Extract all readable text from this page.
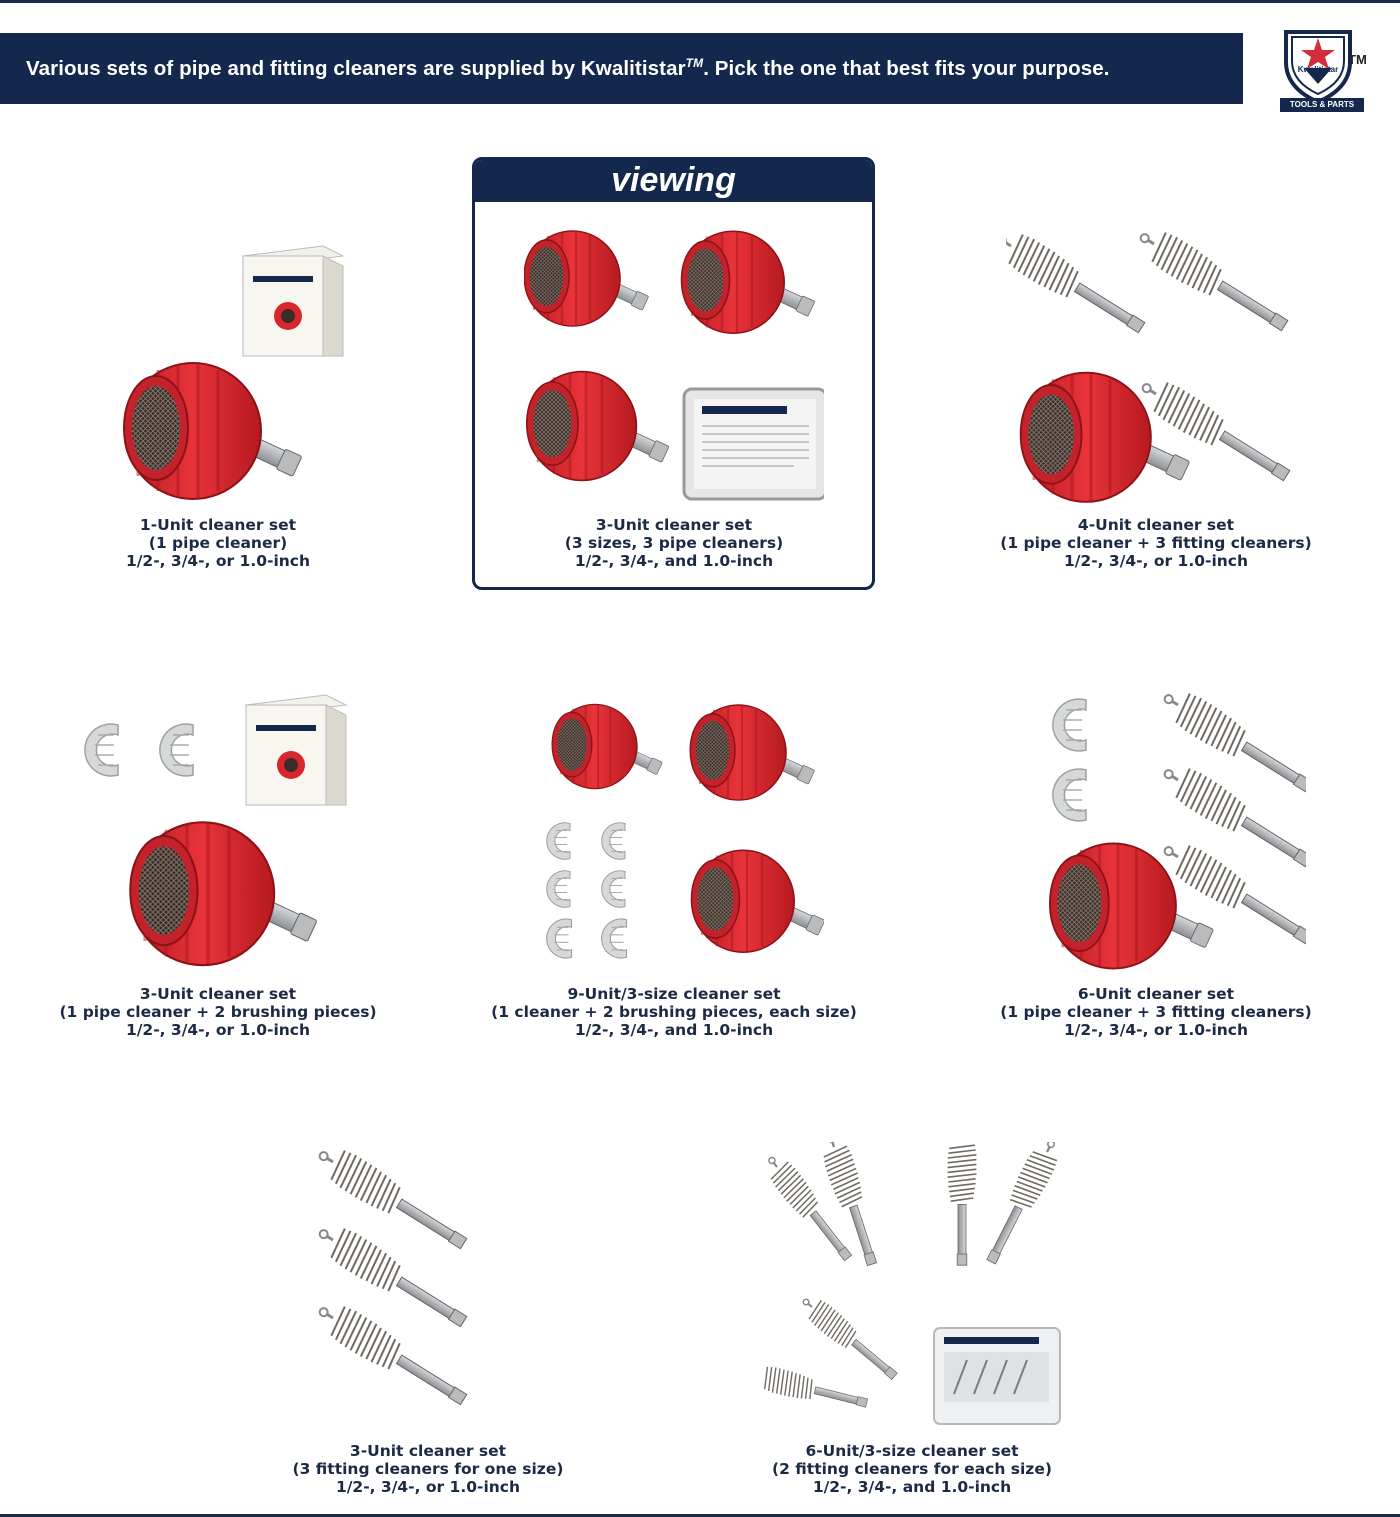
Various sets of pipe and fitting cleaners are supplied by Kwalitistar™. Pick the one that best fits your purpose.	Kwalitistar
TM
TOOLS & PARTS
1-Unit cleaner set
(1 pipe cleaner)
1/2-, 3/4-, or 1.0-inch
viewing
3-Unit cleaner set
(3 sizes, 3 pipe cleaners)
1/2-, 3/4-, and 1.0-inch
4-Unit cleaner set
(1 pipe cleaner + 3 fitting cleaners)
1/2-, 3/4-, or 1.0-inch
3-Unit cleaner set
(1 pipe cleaner + 2 brushing pieces)
1/2-, 3/4-, or 1.0-inch
9-Unit/3-size cleaner set
(1 cleaner + 2 brushing pieces, each size)
1/2-, 3/4-, and 1.0-inch
6-Unit cleaner set
(1 pipe cleaner + 3 fitting cleaners)
1/2-, 3/4-, or 1.0-inch
3-Unit cleaner set
(3 fitting cleaners for one size)
1/2-, 3/4-, or 1.0-inch
6-Unit/3-size cleaner set
(2 fitting cleaners for each size)
1/2-, 3/4-, and 1.0-inch
